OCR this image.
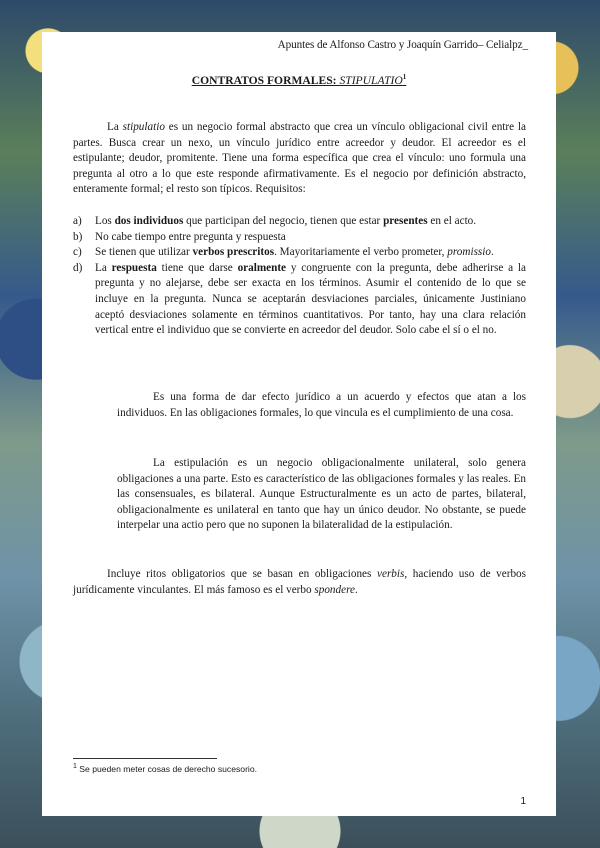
Apuntes de Alfonso Castro y Joaquín Garrido– Celialpz_
CONTRATOS FORMALES: STIPULATIO$^1$
La stipulatio es un negocio formal abstracto que crea un vínculo obligacional civil entre la partes. Busca crear un nexo, un vínculo jurídico entre acreedor y deudor. El acreedor es el estipulante; deudor, promitente. Tiene una forma específica que crea el vínculo: uno formula una pregunta al otro a lo que este responde afirmativamente. Es el negocio por definición abstracto, enteramente formal; el resto son típicos. Requisitos:
a)	Los dos individuos que participan del negocio, tienen que estar presentes en el acto.
b)	No cabe tiempo entre pregunta y respuesta
c)	Se tienen que utilizar verbos prescritos. Mayoritariamente el verbo prometer, promissio.
d)	La respuesta tiene que darse oralmente y congruente con la pregunta, debe adherirse a la pregunta y no alejarse, debe ser exacta en los términos. Asumir el contenido de lo que se incluye en la pregunta. Nunca se aceptarán desviaciones parciales, únicamente Justiniano aceptó desviaciones solamente en términos cuantitativos. Por tanto, hay una clara relación vertical entre el individuo que se convierte en acreedor del deudor. Solo cabe el sí o el no.
Es una forma de dar efecto jurídico a un acuerdo y efectos que atan a los individuos. En las obligaciones formales, lo que vincula es el cumplimiento de una cosa.
La estipulación es un negocio obligacionalmente unilateral, solo genera obligaciones a una parte. Esto es característico de las obligaciones formales y las reales. En las consensuales, es bilateral. Aunque Estructuralmente es un acto de partes, bilateral, obligacionalmente es unilateral en tanto que hay un único deudor. No obstante, se puede interpelar una actio pero que no suponen la bilateralidad de la estipulación.
Incluye ritos obligatorios que se basan en obligaciones verbis, haciendo uso de verbos jurídicamente vinculantes. El más famoso es el verbo spondere.
$^1$ Se pueden meter cosas de derecho sucesorio.
1
